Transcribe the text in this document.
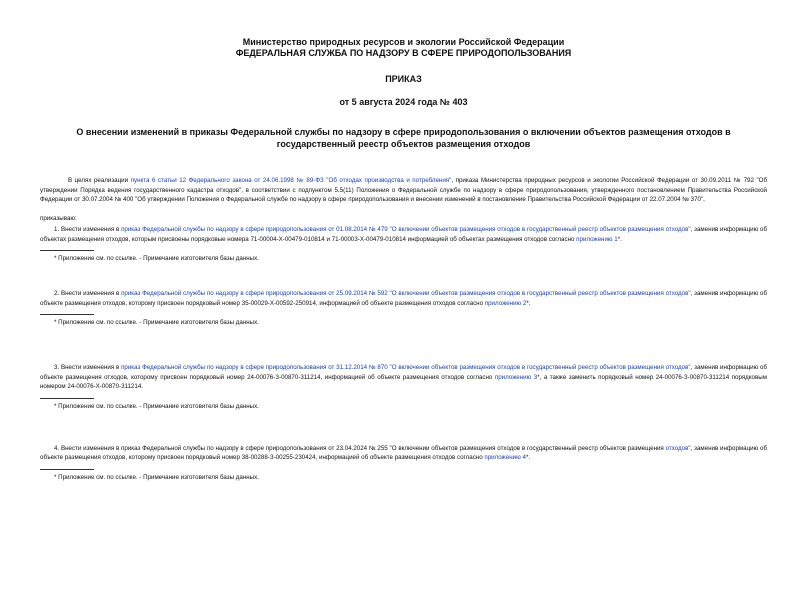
Министерство природных ресурсов и экологии Российской Федерации
ФЕДЕРАЛЬНАЯ СЛУЖБА ПО НАДЗОРУ В СФЕРЕ ПРИРОДОПОЛЬЗОВАНИЯ
ПРИКАЗ
от 5 августа 2024 года № 403
О внесении изменений в приказы Федеральной службы по надзору в сфере природопользования о включении объектов размещения отходов в государственный реестр объектов размещения отходов

В целях реализации пункта 6 статьи 12 Федерального закона от 24.06.1998 № 89-ФЗ "Об отходах производства и потребления", приказа Министерства природных ресурсов и экологии Российской Федерации от 30.09.2011 № 792 "Об утверждении Порядка ведения государственного кадастра отходов", в соответствии с подпунктом 5.5(11) Положения о Федеральной службе по надзору в сфере природопользования, утвержденного постановлением Правительства Российской Федерации от 30.07.2004 № 400 "Об утверждении Положения о Федеральной службе по надзору в сфере природопользования и внесении изменений в постановление Правительства Российской Федерации от 22.07.2004 № 370",

приказываю:

1. Внести изменения в приказ Федеральной службы по надзору в сфере природопользования от 01.08.2014 № 479 "О включении объектов размещения отходов в государственный реестр объектов размещения отходов", заменив информацию об объектах размещения отходов, которым присвоены порядковые номера 71-00004-Х-00479-010814 и 71-00003-Х-00479-010814 информацией об объектах размещения отходов согласно приложению 1*.

* Приложение см. по ссылке. - Примечание изготовителя базы данных.

2. Внести изменения в приказ Федеральной службы по надзору в сфере природопользования от 25.09.2014 № 592 "О включении объектов размещения отходов в государственный реестр объектов размещения отходов", заменив информацию об объекте размещения отходов, которому присвоен порядковый номер 35-00029-Х-00592-250914, информацией об объекте размещения отходов согласно приложению 2*.

* Приложение см. по ссылке. - Примечание изготовителя базы данных.

3. Внести изменения в приказ Федеральной службы по надзору в сфере природопользования от 31.12.2014 № 870 "О включении объектов размещения отходов в государственный реестр объектов размещения отходов", заменив информацию об объекте размещения отходов, которому присвоен порядковый номер 24-00076-З-00870-311214, информацией об объекте размещения отходов согласно приложению 3*, а также заменить порядковый номер 24-00076-З-00870-311214 порядковым номером 24-00076-Х-00870-311214.

* Приложение см. по ссылке. - Примечание изготовителя базы данных.

4. Внести изменения в приказ Федеральной службы по надзору в сфере природопользования от 23.04.2024 № 255 "О включении объектов размещения отходов в государственный реестр объектов размещения отходов", заменив информацию об объекте размещения отходов, которому присвоен порядковый номер 38-00288-З-00255-230424, информацией об объекте размещения отходов согласно приложению 4*.

* Приложение см. по ссылке. - Примечание изготовителя базы данных.
